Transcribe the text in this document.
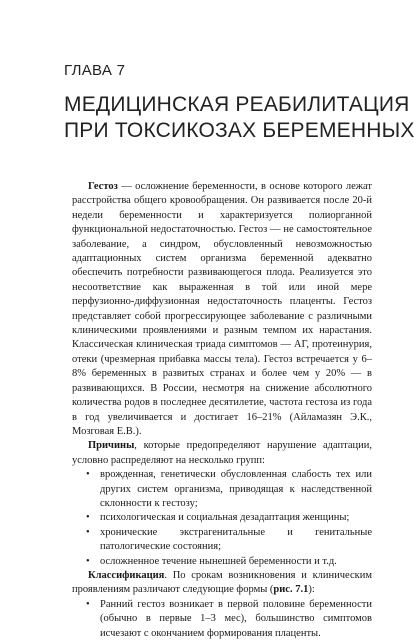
ГЛАВА 7
МЕДИЦИНСКАЯ РЕАБИЛИТАЦИЯ
ПРИ ТОКСИКОЗАХ БЕРЕМЕННЫХ

Гестоз — осложнение беременности, в основе которого лежат расстройства общего кровообращения. Он развивается после 20-й недели беременности и характеризуется полиорганной функциональной недостаточностью. Гестоз — не самостоятельное заболевание, а синдром, обусловленный невозможностью адаптационных систем организма беременной адекватно обеспечить потребности развивающегося плода. Реализуется это несоответствие как выраженная в той или иной мере перфузионно-диффузионная недостаточность плаценты. Гестоз представляет собой прогрессирующее заболевание с различными клиническими проявлениями и разным темпом их нарастания. Классическая клиническая триада симптомов — АГ, протеинурия, отеки (чрезмерная прибавка массы тела). Гестоз встречается у 6–8% беременных в развитых странах и более чем у 20% — в развивающихся. В России, несмотря на снижение абсолютного количества родов в последнее десятилетие, частота гестоза из года в год увеличивается и достигает 16–21% (Айламазян Э.К., Мозговая Е.В.).

Причины, которые предопределяют нарушение адаптации, условно распределяют на несколько групп:

• врожденная, генетически обусловленная слабость тех или других систем организма, приводящая к наследственной склонности к гестозу;
• психологическая и социальная дезадаптация женщины;
• хронические экстрагенитальные и генитальные патологические состояния;
• осложненное течение нынешней беременности и т.д.

Классификация. По срокам возникновения и клиническим проявлениям различают следующие формы (рис. 7.1):

• Ранний гестоз возникает в первой половине беременности (обычно в первые 1–3 мес), большинство симптомов исчезают с окончанием формирования плаценты.
